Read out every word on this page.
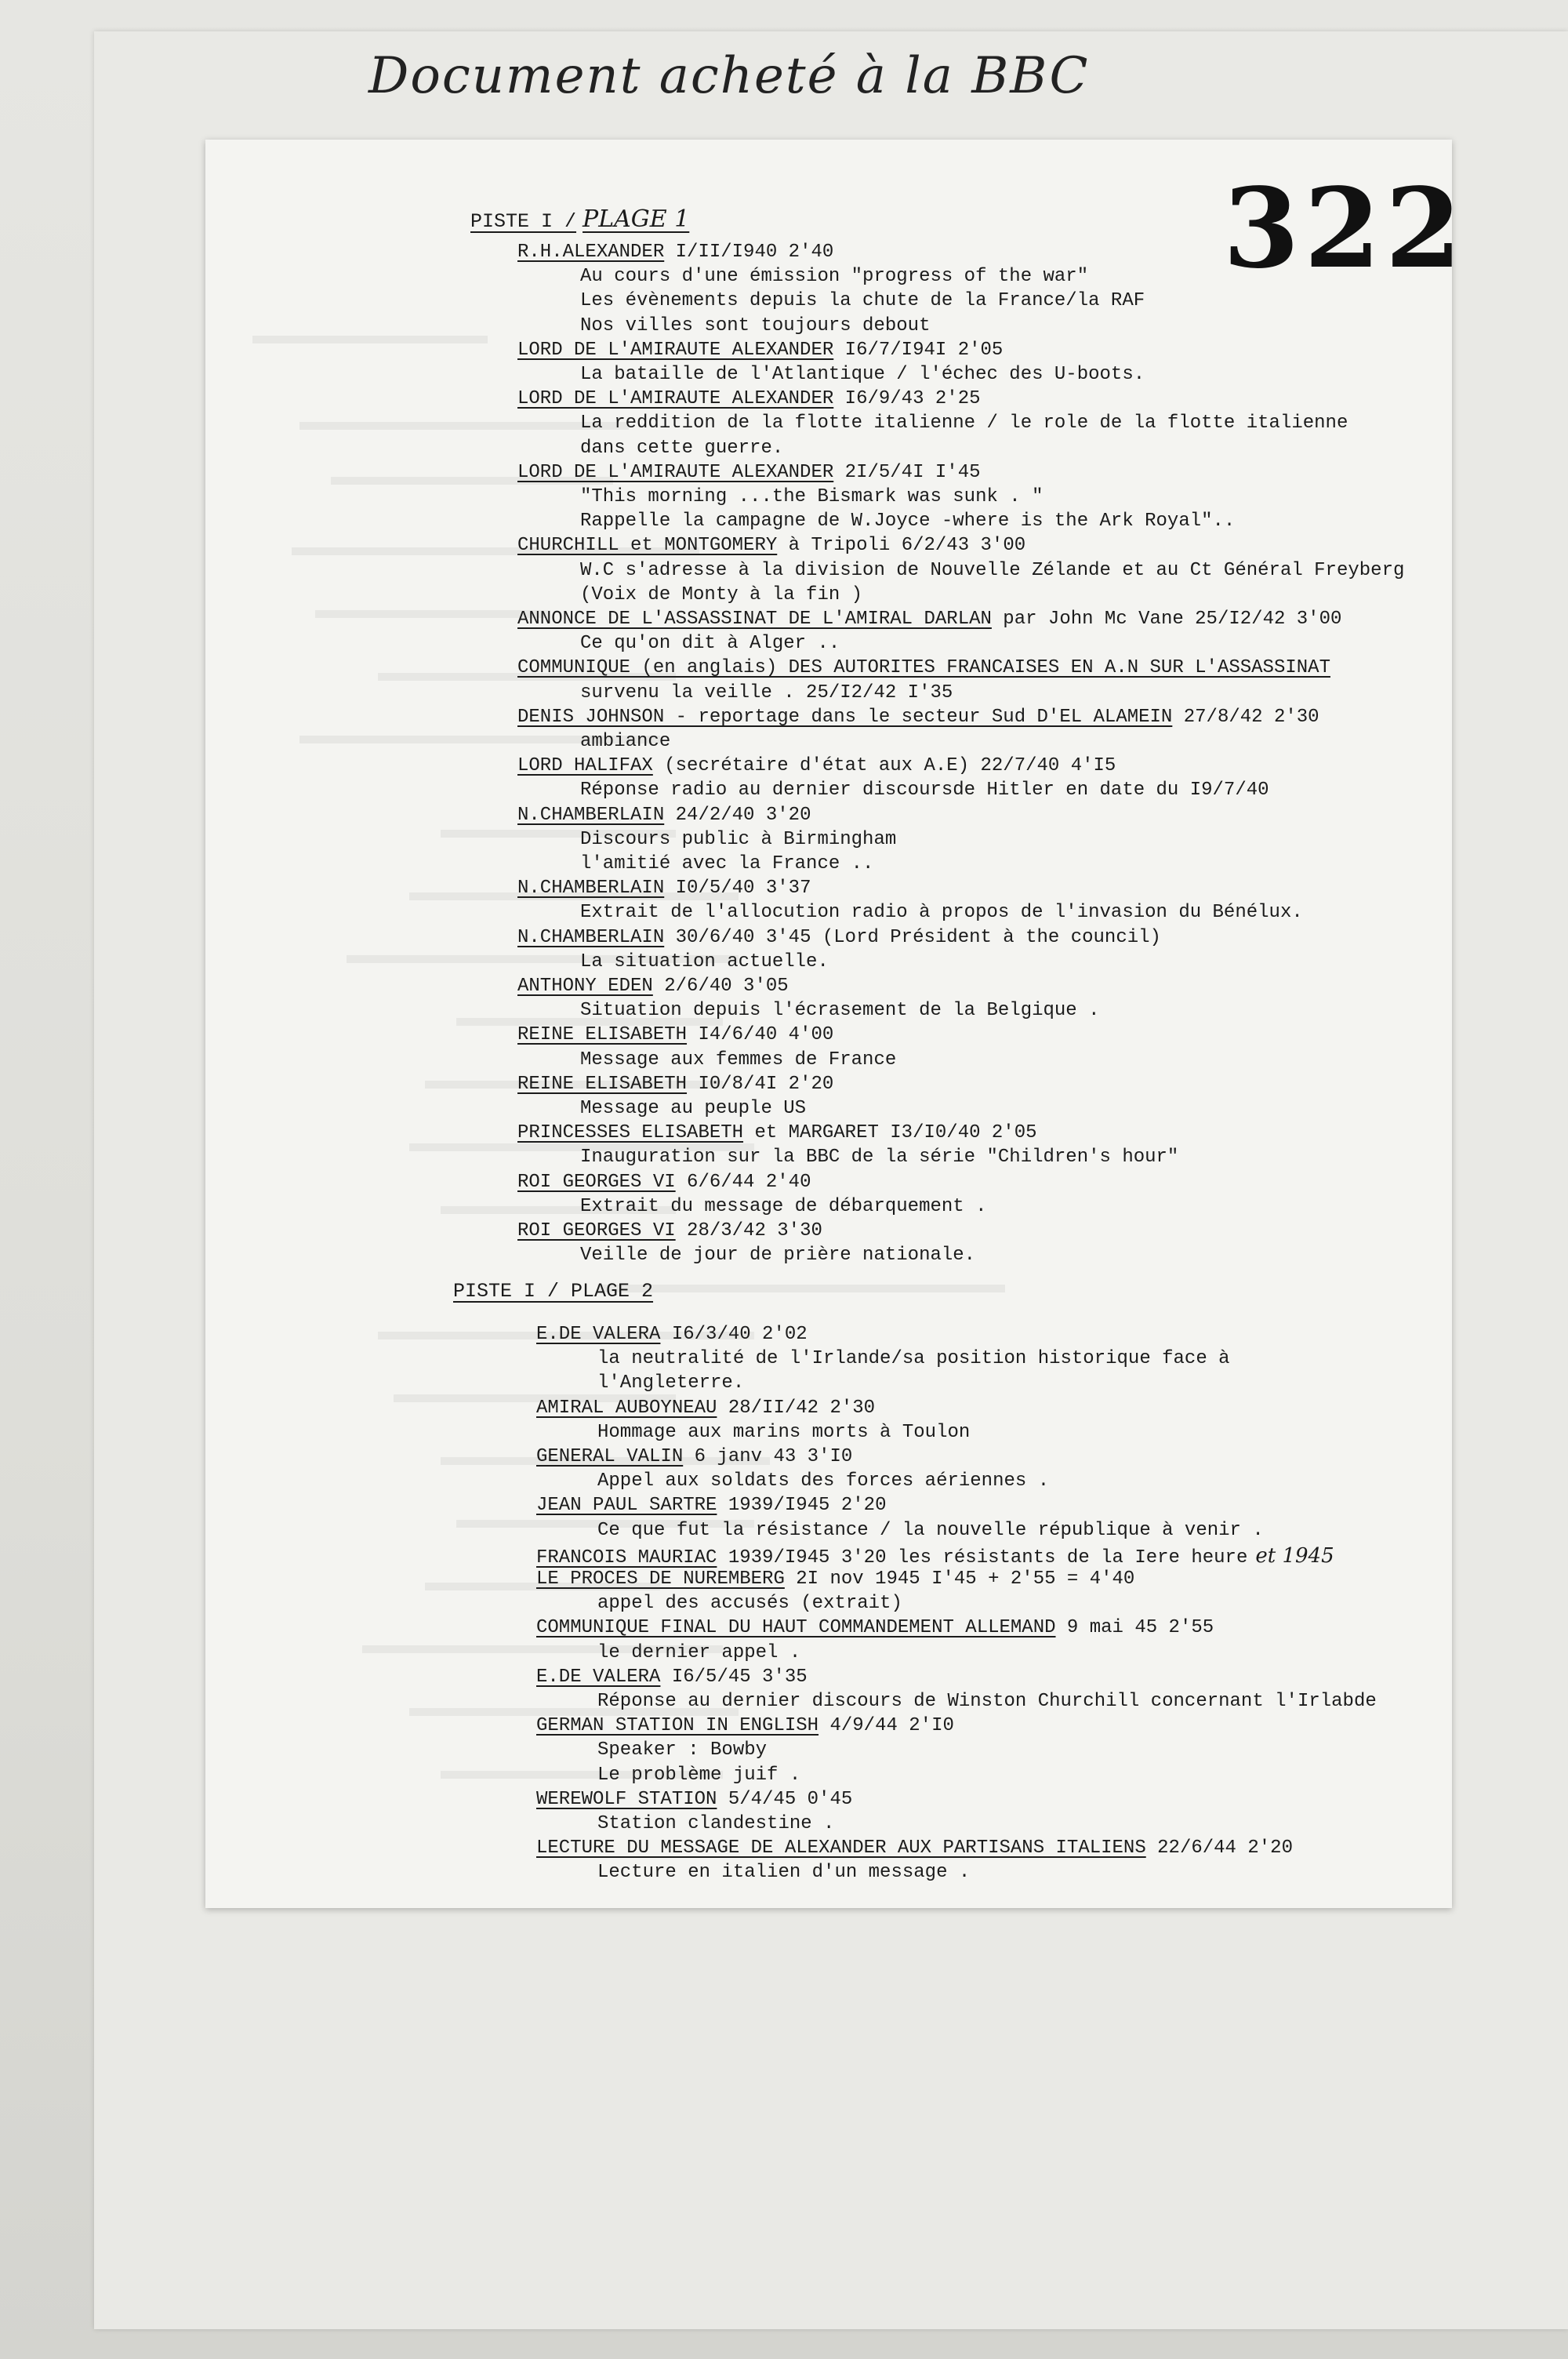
Document acheté à la BBC
322
PISTE I / PLAGE 1
R.H.ALEXANDER I/II/I940 2'40
Au cours d'une émission "progress of the war"
Les évènements depuis la chute de la France/la RAF
Nos villes sont toujours debout
LORD DE L'AMIRAUTE ALEXANDER I6/7/I94I 2'05
La bataille de l'Atlantique / l'échec des U-boots.
LORD DE L'AMIRAUTE ALEXANDER I6/9/43 2'25
La reddition de la flotte italienne / le role de la flotte italienne
dans cette guerre.
LORD DE L'AMIRAUTE ALEXANDER 2I/5/4I I'45
"This morning ...the Bismark was sunk . "
Rappelle la campagne de W.Joyce -where is the Ark Royal"..
CHURCHILL et MONTGOMERY à Tripoli 6/2/43 3'00
W.C s'adresse à la division de Nouvelle Zélande et au Ct Général Freyberg
(Voix de Monty à la fin )
ANNONCE DE L'ASSASSINAT DE L'AMIRAL DARLAN par John Mc Vane 25/I2/42 3'00
Ce qu'on dit à Alger ..
COMMUNIQUE (en anglais) DES AUTORITES FRANCAISES EN A.N SUR L'ASSASSINAT
survenu la veille . 25/I2/42 I'35
DENIS JOHNSON - reportage dans le secteur Sud D'EL ALAMEIN 27/8/42 2'30
ambiance
LORD HALIFAX (secrétaire d'état aux A.E) 22/7/40 4'I5
Réponse radio au dernier discoursde Hitler en date du I9/7/40
N.CHAMBERLAIN 24/2/40 3'20
Discours public à Birmingham
l'amitié avec la France ..
N.CHAMBERLAIN I0/5/40 3'37
Extrait de l'allocution radio à propos de l'invasion du Bénélux.
N.CHAMBERLAIN 30/6/40 3'45 (Lord Président à the council)
La situation actuelle.
ANTHONY EDEN 2/6/40 3'05
Situation depuis l'écrasement de la Belgique .
REINE ELISABETH I4/6/40 4'00
Message aux femmes de France
REINE ELISABETH I0/8/4I 2'20
Message au peuple US
PRINCESSES ELISABETH et MARGARET I3/I0/40 2'05
Inauguration sur la BBC de la série "Children's hour"
ROI GEORGES VI 6/6/44 2'40
Extrait du message de débarquement .
ROI GEORGES VI 28/3/42 3'30
Veille de jour de prière nationale.
PISTE I / PLAGE 2
E.DE VALERA I6/3/40 2'02
la neutralité de l'Irlande/sa position historique face à
l'Angleterre.
AMIRAL AUBOYNEAU 28/II/42 2'30
Hommage aux marins morts à Toulon
GENERAL VALIN 6 janv 43 3'I0
Appel aux soldats des forces aériennes .
JEAN PAUL SARTRE 1939/I945 2'20
Ce que fut la résistance / la nouvelle république à venir .
FRANCOIS MAURIAC 1939/I945 3'20 les résistants de la Iere heure et 1945
LE PROCES DE NUREMBERG 2I nov 1945 I'45 + 2'55 = 4'40
appel des accusés (extrait)
COMMUNIQUE FINAL DU HAUT COMMANDEMENT ALLEMAND 9 mai 45 2'55
le dernier appel .
E.DE VALERA I6/5/45 3'35
Réponse au dernier discours de Winston Churchill concernant l'Irlabde
GERMAN STATION IN ENGLISH 4/9/44 2'I0
Speaker : Bowby
Le problème juif .
WEREWOLF STATION 5/4/45 0'45
Station clandestine .
LECTURE DU MESSAGE DE ALEXANDER AUX PARTISANS ITALIENS 22/6/44 2'20
Lecture en italien d'un message .
